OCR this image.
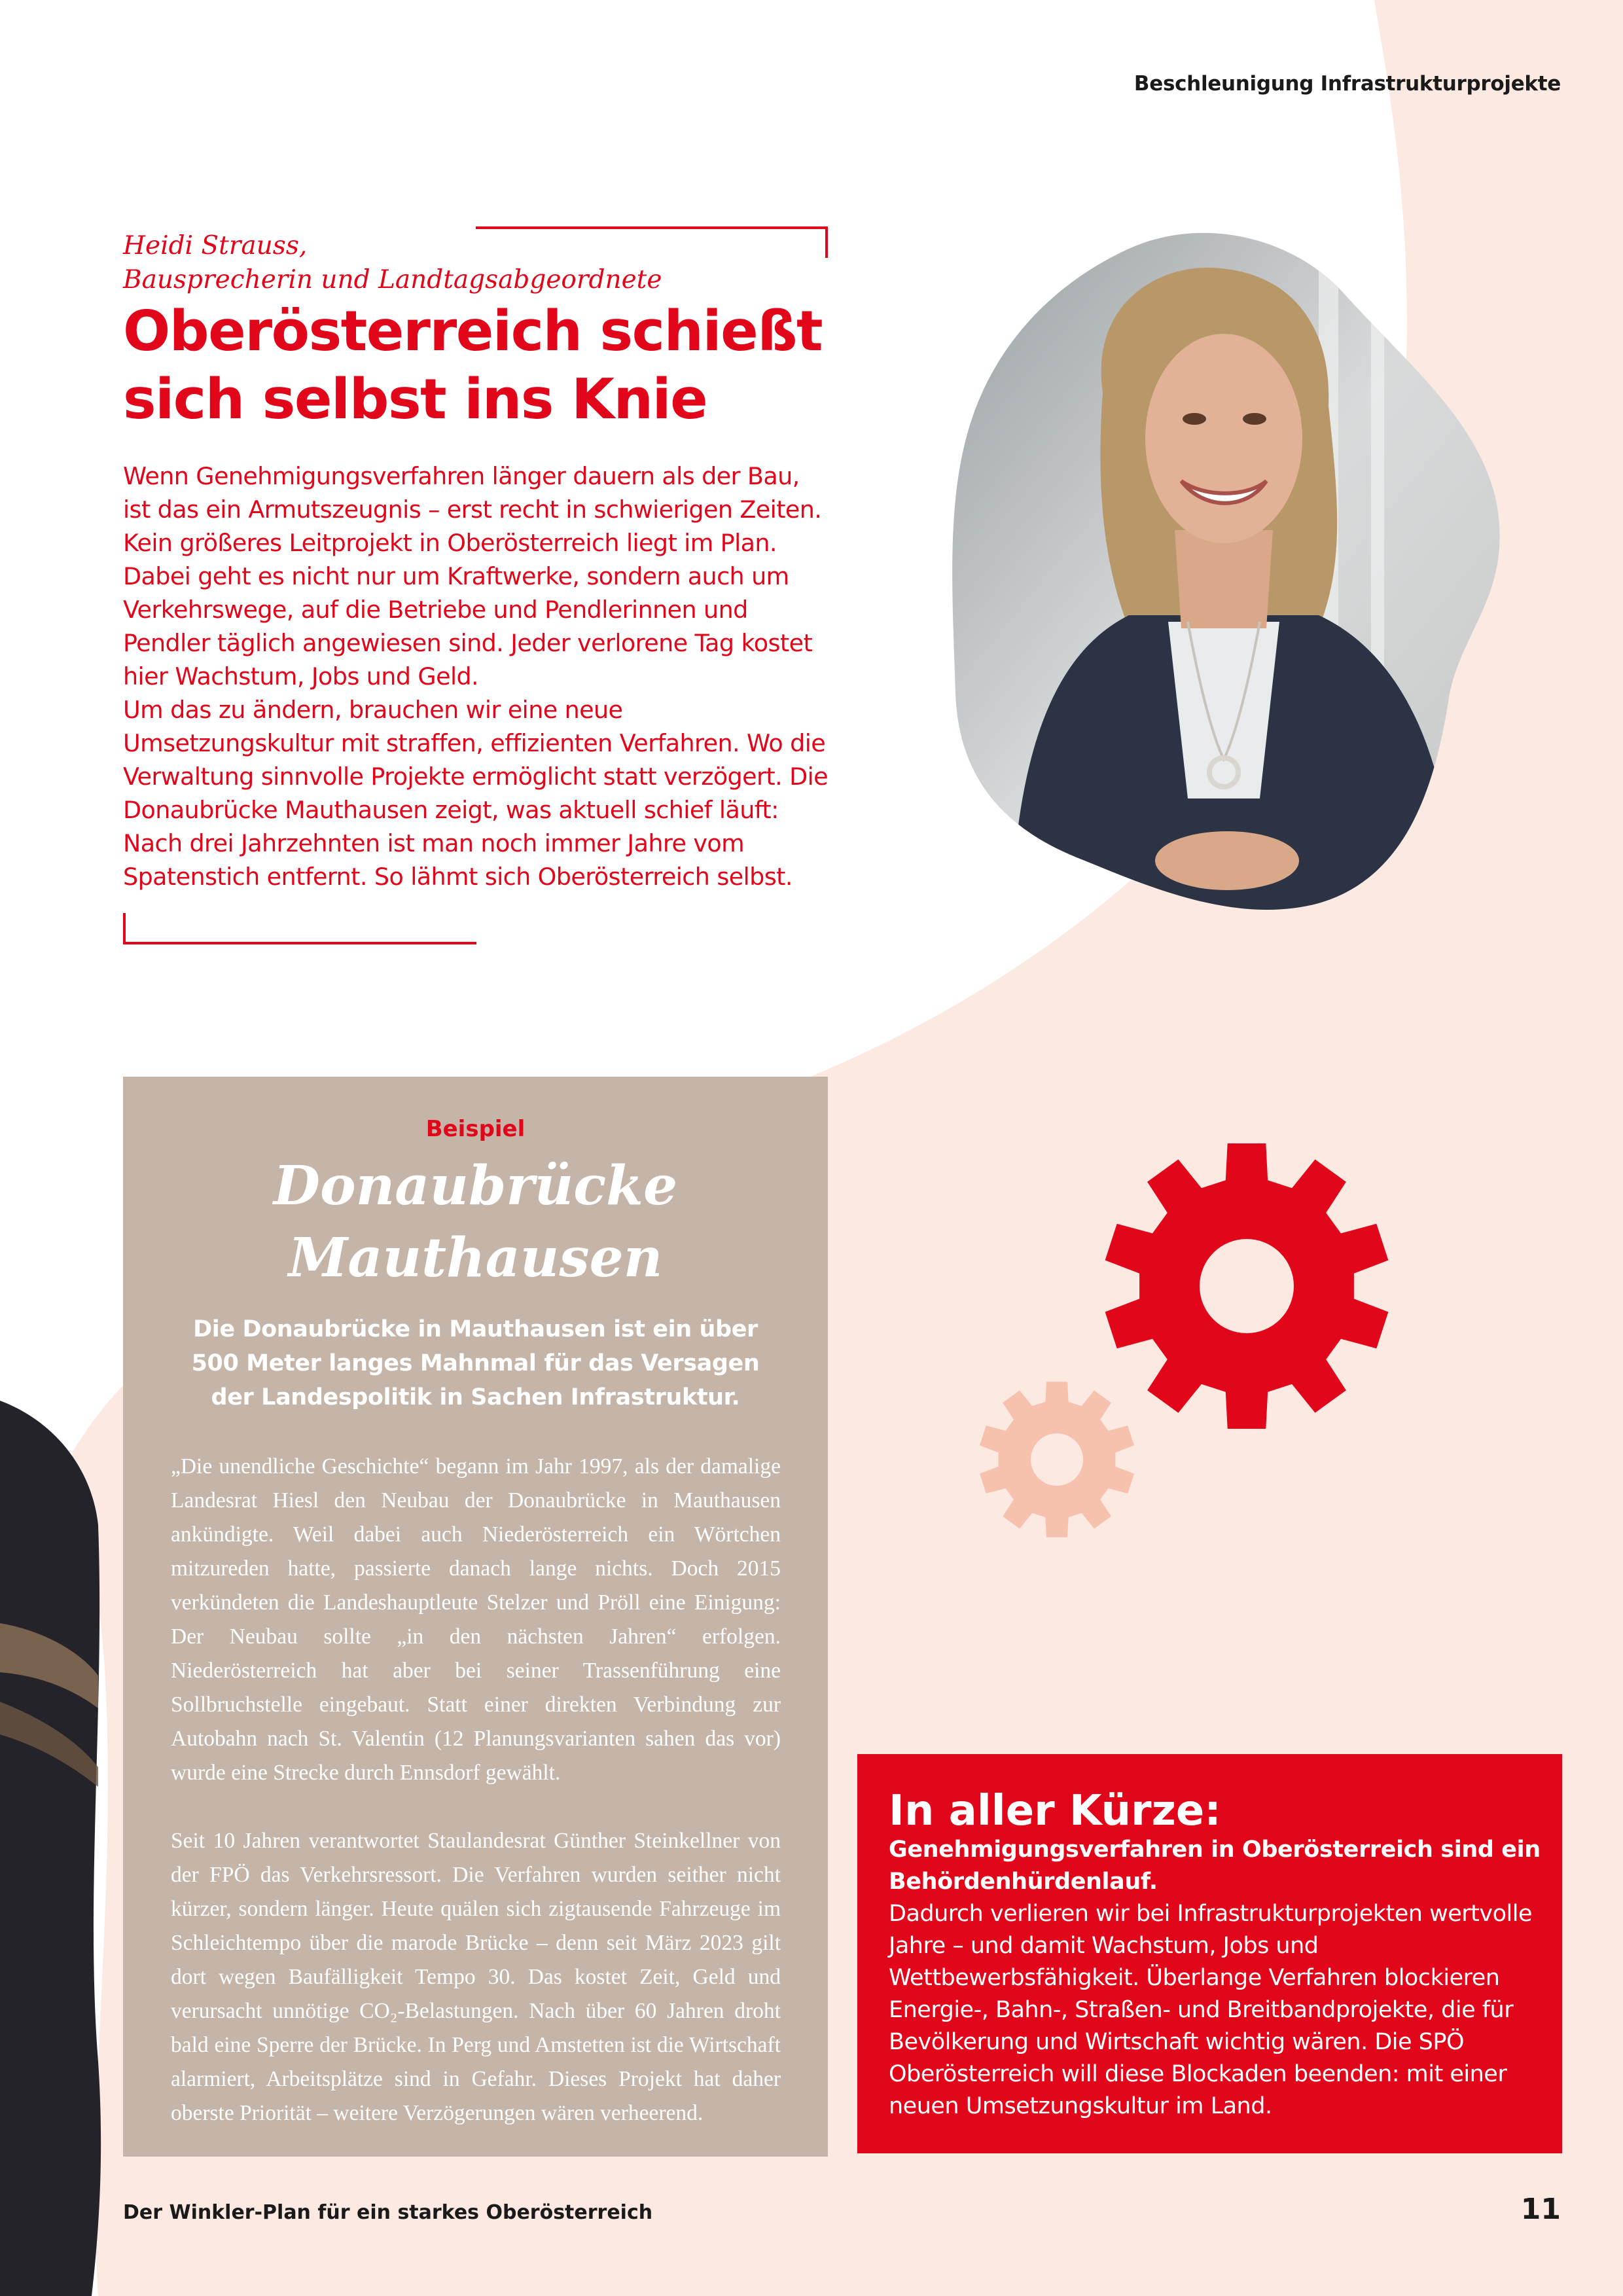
Beschleunigung Infrastrukturprojekte
Heidi Strauss,
Bausprecherin und Landtagsabgeordnete
Oberösterreich schießt
sich selbst ins Knie

Wenn Genehmigungsverfahren länger dauern als der Bau, ist das ein Armutszeugnis – erst recht in schwierigen Zeiten. Kein größeres Leitprojekt in Oberösterreich liegt im Plan. Dabei geht es nicht nur um Kraftwerke, sondern auch um Verkehrswege, auf die Betriebe und Pendlerinnen und Pendler täglich angewiesen sind. Jeder verlorene Tag kostet hier Wachstum, Jobs und Geld.

Um das zu ändern, brauchen wir eine neue Umsetzungskultur mit straffen, effizienten Verfahren. Wo die Verwaltung sinnvolle Projekte ermöglicht statt verzögert. Die Donaubrücke Mauthausen zeigt, was aktuell schief läuft: Nach drei Jahrzehnten ist man noch immer Jahre vom Spatenstich entfernt. So lähmt sich Oberösterreich selbst.

Beispiel
Donaubrücke
Mauthausen
Die Donaubrücke in Mauthausen ist ein über 500 Meter langes Mahnmal für das Versagen der Landespolitik in Sachen Infrastruktur.

„Die unendliche Geschichte“ begann im Jahr 1997, als der damalige Landesrat Hiesl den Neubau der Donaubrücke in Mauthausen ankündigte. Weil dabei auch Niederösterreich ein Wörtchen mitzureden hatte, passierte danach lange nichts. Doch 2015 verkündeten die Landeshauptleute Stelzer und Pröll eine Einigung: Der Neubau sollte „in den nächsten Jahren“ erfolgen. Niederösterreich hat aber bei seiner Trassenführung eine Sollbruchstelle eingebaut. Statt einer direkten Verbindung zur Autobahn nach St. Valentin (12 Planungsvarianten sahen das vor) wurde eine Strecke durch Ennsdorf gewählt.

Seit 10 Jahren verantwortet Staulandesrat Günther Steinkellner von der FPÖ das Verkehrsressort. Die Verfahren wurden seither nicht kürzer, sondern länger. Heute quälen sich zigtausende Fahrzeuge im Schleichtempo über die marode Brücke – denn seit März 2023 gilt dort wegen Baufälligkeit Tempo 30. Das kostet Zeit, Geld und verursacht unnötige CO₂-Belastungen. Nach über 60 Jahren droht bald eine Sperre der Brücke. In Perg und Amstetten ist die Wirtschaft alarmiert, Arbeitsplätze sind in Gefahr. Dieses Projekt hat daher oberste Priorität – weitere Verzögerungen wären verheerend.

In aller Kürze:
Genehmigungsverfahren in Oberösterreich sind ein Behördenhürdenlauf.
Dadurch verlieren wir bei Infrastrukturprojekten wertvolle Jahre – und damit Wachstum, Jobs und Wettbewerbsfähigkeit. Überlange Verfahren blockieren Energie-, Bahn-, Straßen- und Breitbandprojekte, die für Bevölkerung und Wirtschaft wichtig wären. Die SPÖ Oberösterreich will diese Blockaden beenden: mit einer neuen Umsetzungskultur im Land.
Der Winkler-Plan für ein starkes Oberösterreich	11
